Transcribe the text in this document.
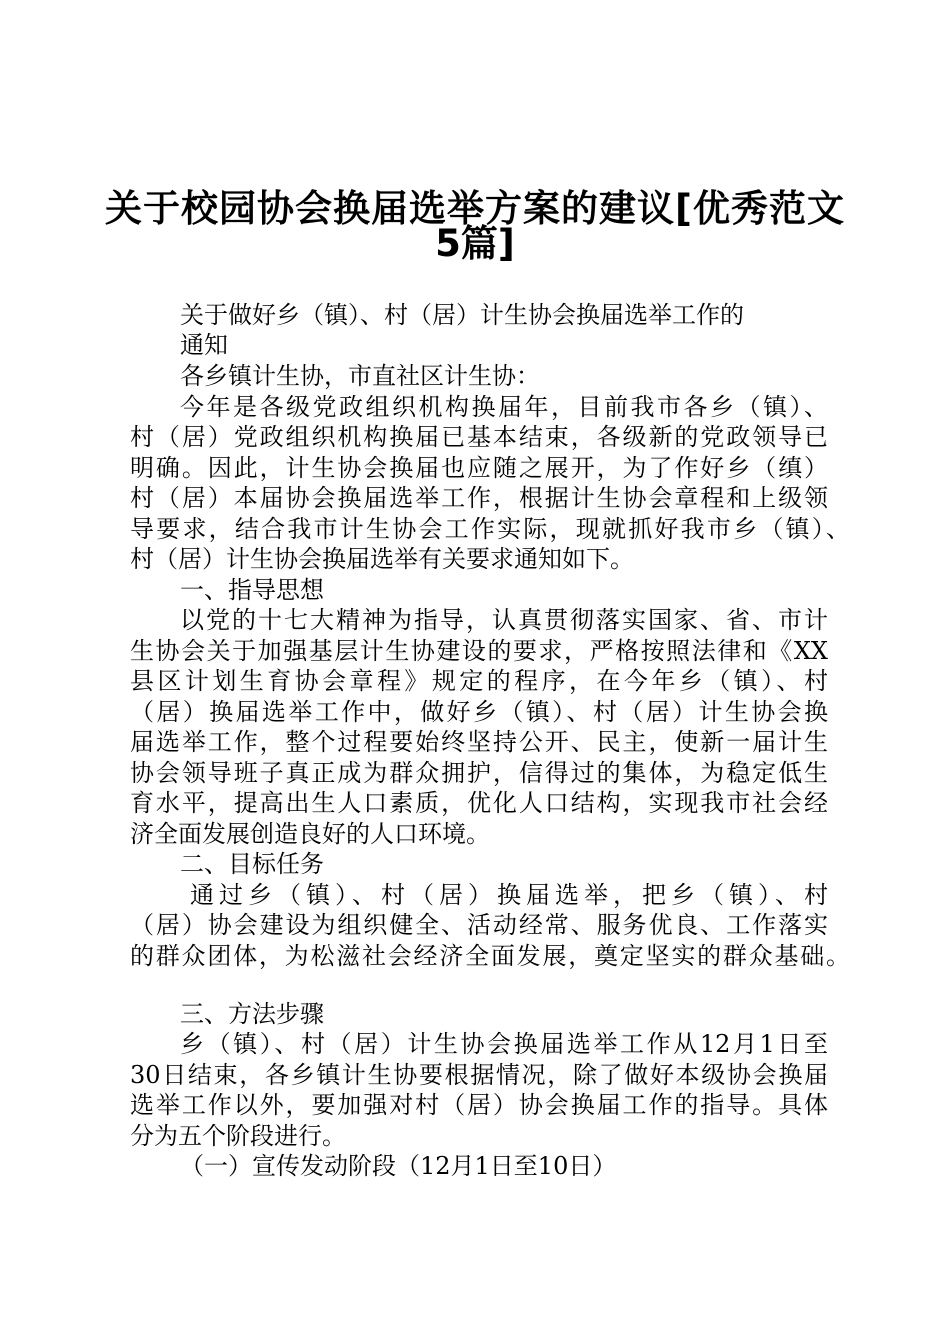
关于校园协会换届选举方案的建议[优秀范文
5篇]
关于做好乡（镇）、村（居）计生协会换届选举工作的
通知
各乡镇计生协，市直社区计生协：
今年是各级党政组织机构换届年，目前我市各乡（镇）、
村（居）党政组织机构换届已基本结束，各级新的党政领导已
明确。因此，计生协会换届也应随之展开，为了作好乡（缜）
村（居）本届协会换届选举工作，根据计生协会章程和上级领
导要求，结合我市计生协会工作实际，现就抓好我市乡（镇）、
村（居）计生协会换届选举有关要求通知如下。
一、指导思想
以党的十七大精神为指导，认真贯彻落实国家、省、市计
生协会关于加强基层计生协建设的要求，严格按照法律和《XX
县区计划生育协会章程》规定的程序，在今年乡（镇）、村
（居）换届选举工作中，做好乡（镇）、村（居）计生协会换
届选举工作，整个过程要始终坚持公开、民主，使新一届计生
协会领导班子真正成为群众拥护，信得过的集体，为稳定低生
育水平，提高出生人口素质，优化人口结构，实现我市社会经
济全面发展创造良好的人口环境。
二、目标任务
通过乡（镇）、村（居）换届选举，把乡（镇）、村
（居）协会建设为组织健全、活动经常、服务优良、工作落实
的群众团体，为松滋社会经济全面发展，奠定坚实的群众基础。
三、方法步骤
乡（镇）、村（居）计生协会换届选举工作从12月1日至
30日结束，各乡镇计生协要根据情况，除了做好本级协会换届
选举工作以外，要加强对村（居）协会换届工作的指导。具体
分为五个阶段进行。
（一）宣传发动阶段（12月1日至10日）
